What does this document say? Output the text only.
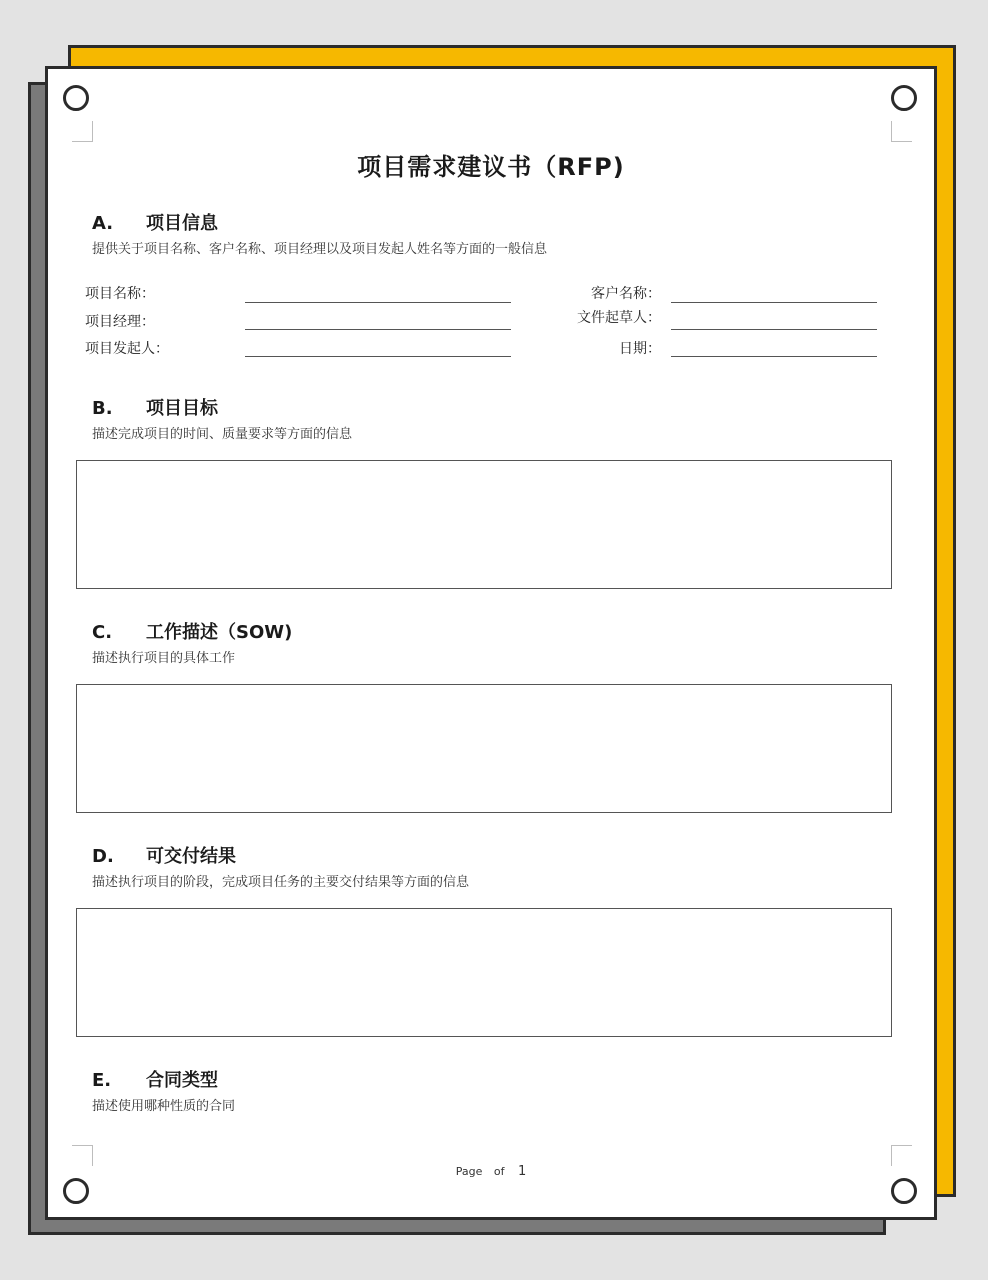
项目需求建议书（RFP)
A. 项目信息
提供关于项目名称、客户名称、项目经理以及项目发起人姓名等方面的一般信息
项目名称：
项目经理：
项目发起人：
客户名称：
文件起草人：
日期：
B. 项目目标
描述完成项目的时间、质量要求等方面的信息
C. 工作描述（SOW)
描述执行项目的具体工作
D. 可交付结果
描述执行项目的阶段，完成项目任务的主要交付结果等方面的信息
E. 合同类型
描述使用哪种性质的合同
Page of 1
